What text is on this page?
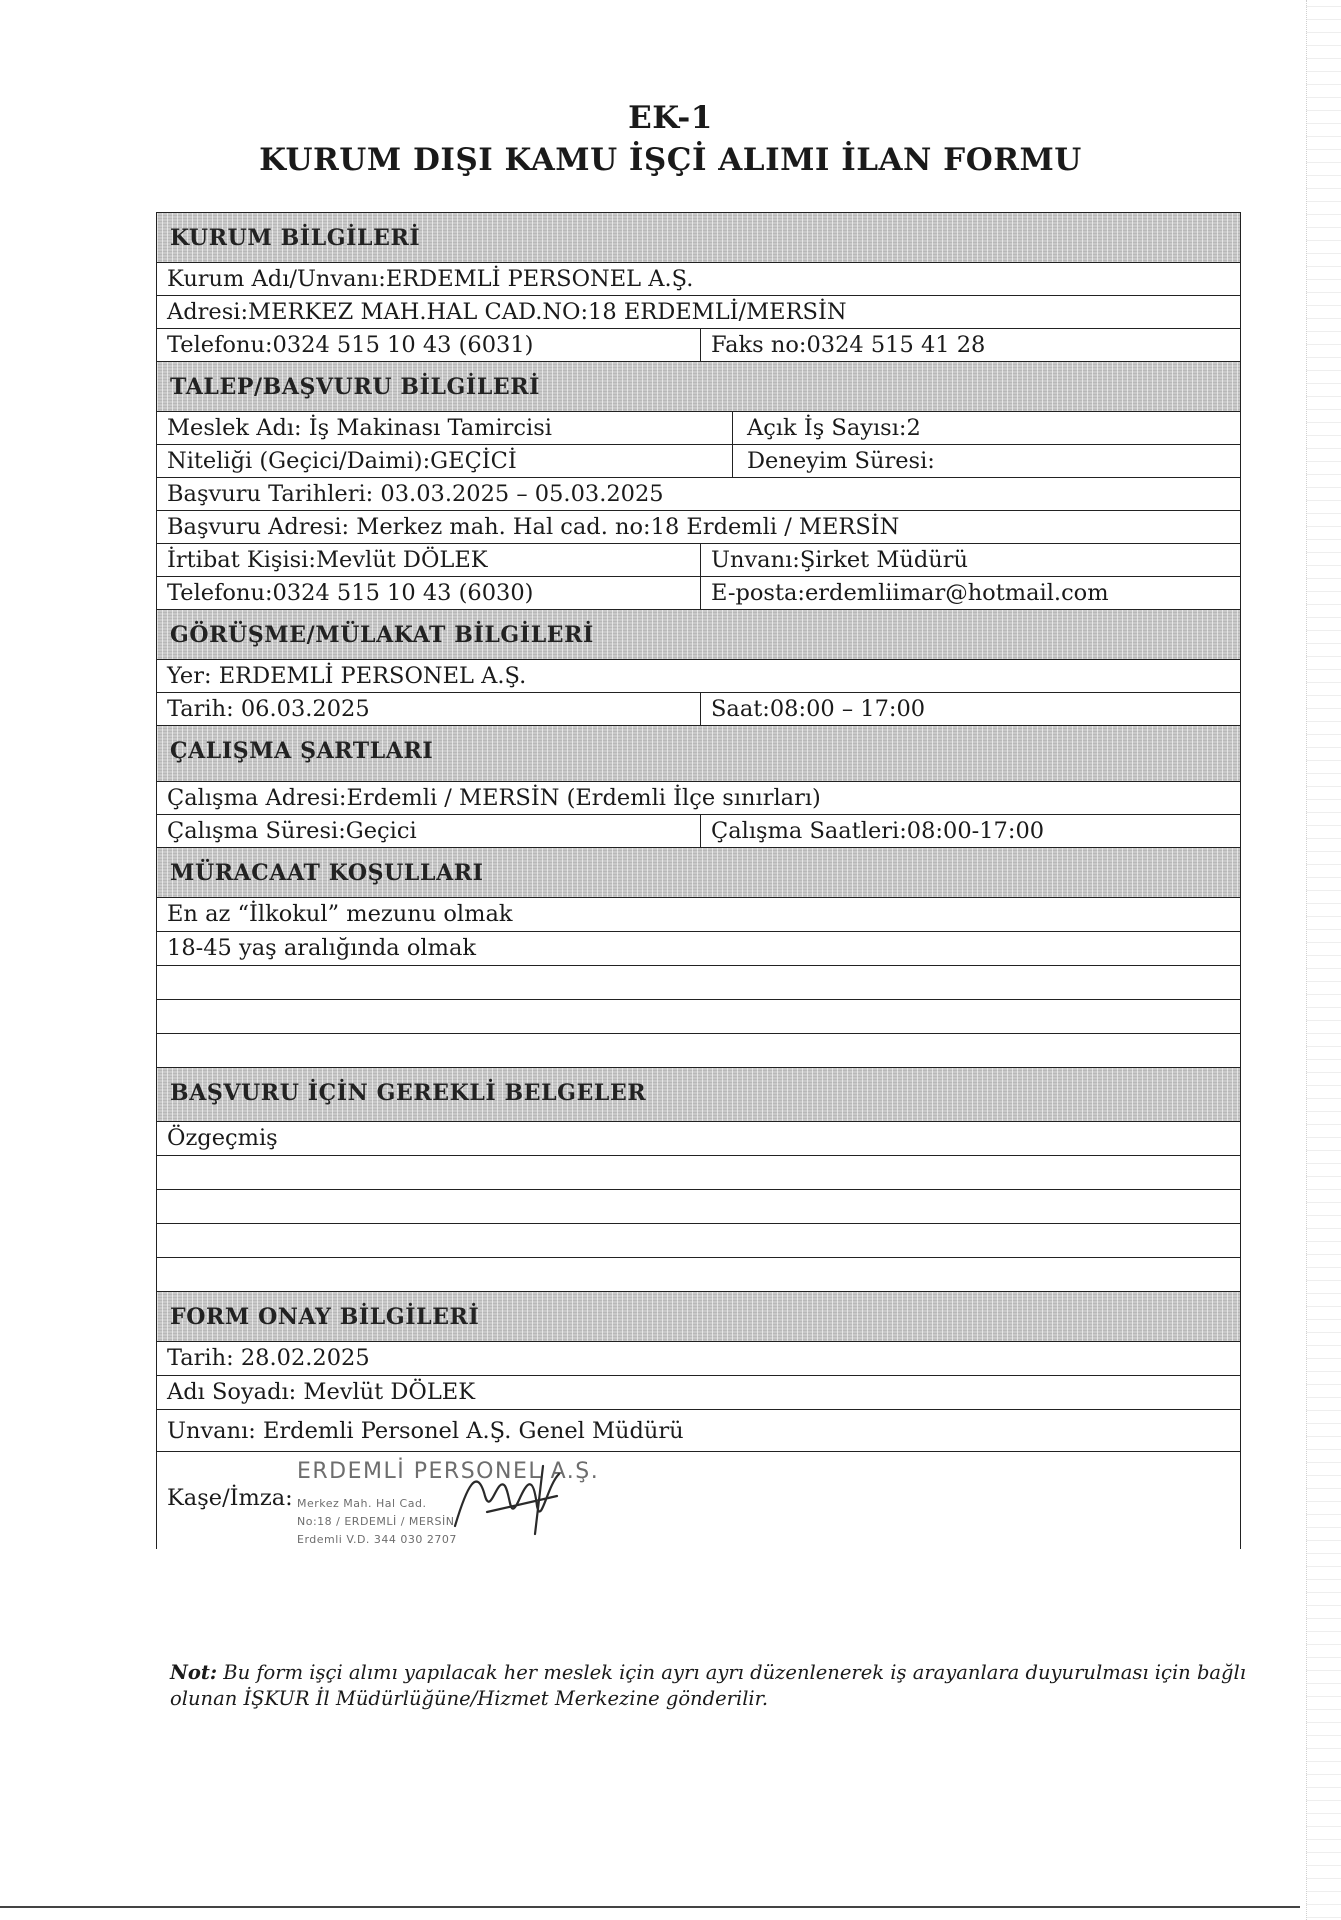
EK-1
KURUM DIŞI KAMU İŞÇİ ALIMI İLAN FORMU
KURUM BİLGİLERİ
Kurum Adı/Unvanı:ERDEMLİ PERSONEL A.Ş.
Adresi:MERKEZ MAH.HAL CAD.NO:18 ERDEMLİ/MERSİN
Telefonu:0324 515 10 43 (6031)	Faks no:0324 515 41 28
TALEP/BAŞVURU BİLGİLERİ
Meslek Adı: İş Makinası Tamircisi	Açık İş Sayısı:2
Niteliği (Geçici/Daimi):GEÇİCİ	Deneyim Süresi:
Başvuru Tarihleri: 03.03.2025 – 05.03.2025
Başvuru Adresi: Merkez mah. Hal cad. no:18 Erdemli / MERSİN
İrtibat Kişisi:Mevlüt DÖLEK	Unvanı:Şirket Müdürü
Telefonu:0324 515 10 43 (6030)	E-posta:erdemliimar@hotmail.com
GÖRÜŞME/MÜLAKAT BİLGİLERİ
Yer: ERDEMLİ PERSONEL A.Ş.
Tarih: 06.03.2025	Saat:08:00 – 17:00
ÇALIŞMA ŞARTLARI
Çalışma Adresi:Erdemli / MERSİN (Erdemli İlçe sınırları)
Çalışma Süresi:Geçici	Çalışma Saatleri:08:00-17:00
MÜRACAAT KOŞULLARI
En az “İlkokul” mezunu olmak
18-45 yaş aralığında olmak
BAŞVURU İÇİN GEREKLİ BELGELER
Özgeçmiş
FORM ONAY BİLGİLERİ
Tarih: 28.02.2025
Adı Soyadı: Mevlüt DÖLEK
Unvanı: Erdemli Personel A.Ş. Genel Müdürü
Kaşe/İmza:
ERDEMLİ PERSONEL A.Ş.
Merkez Mah. Hal Cad.
No:18 / ERDEMLİ / MERSİN
Erdemli V.D. 344 030 2707
Not: Bu form işçi alımı yapılacak her meslek için ayrı ayrı düzenlenerek iş arayanlara duyurulması için bağlı olunan İŞKUR İl Müdürlüğüne/Hizmet Merkezine gönderilir.
